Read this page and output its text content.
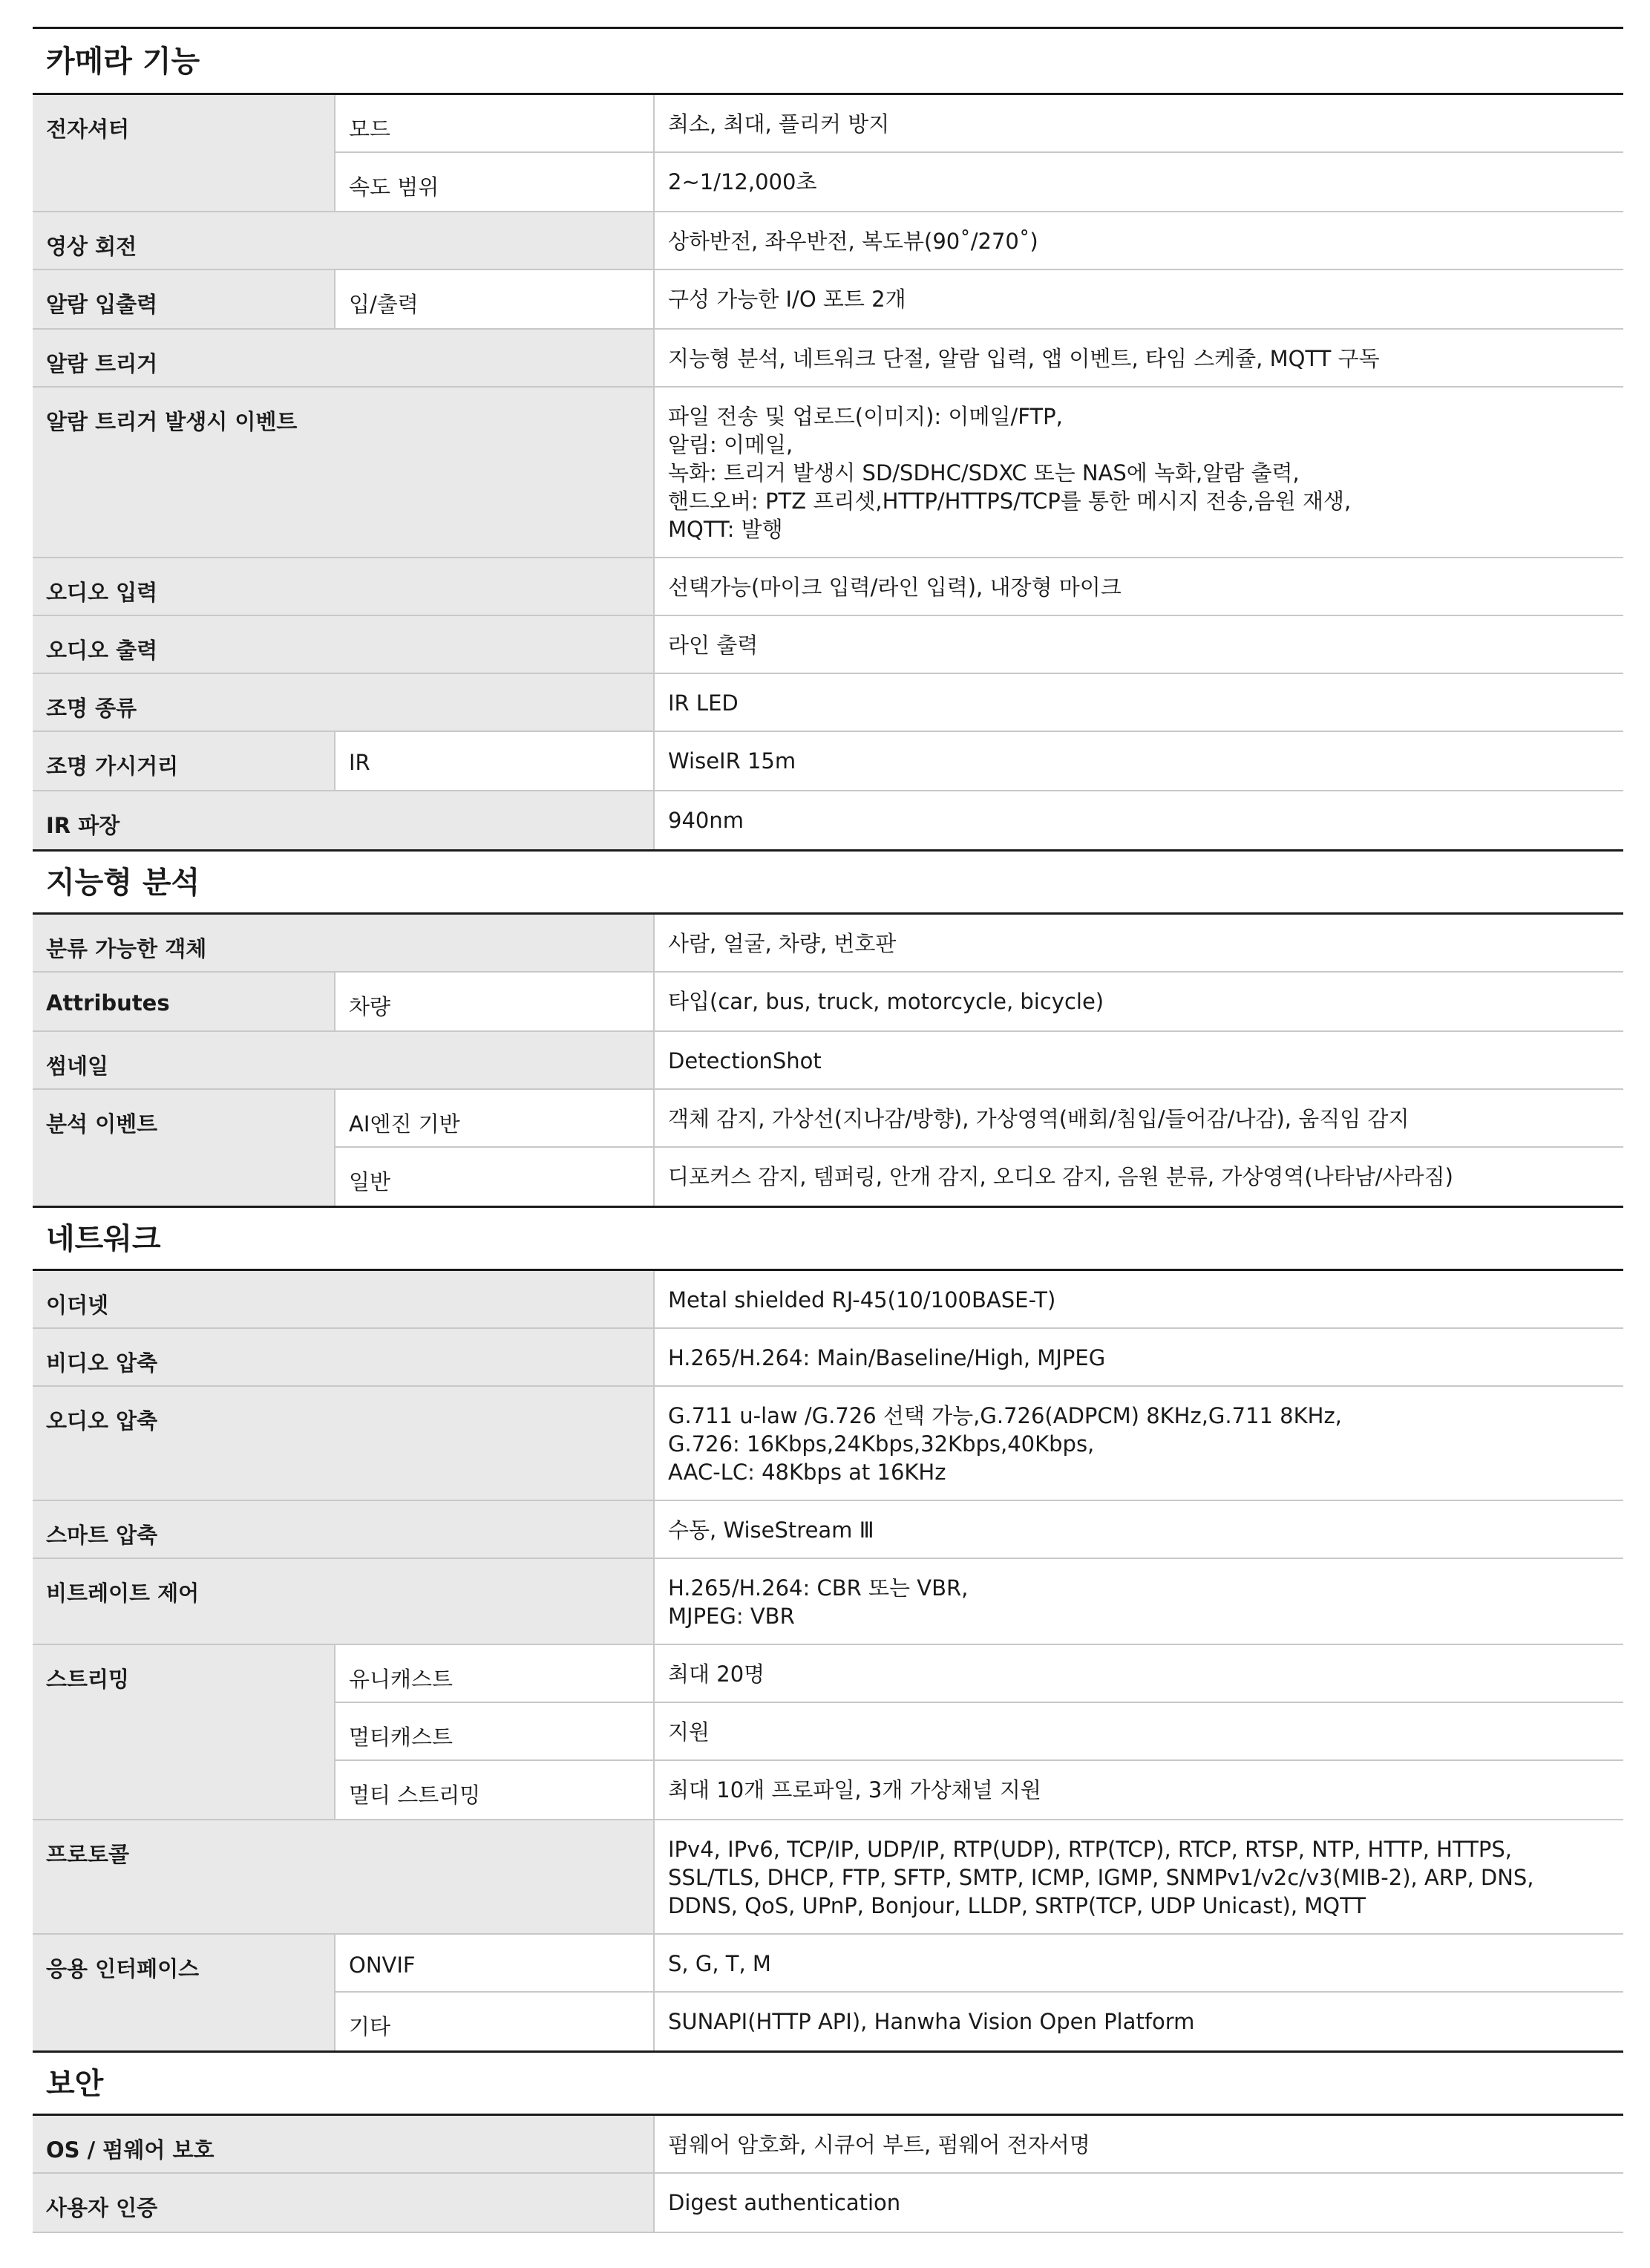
카메라 기능
전자셔터	모드	최소, 최대, 플리커 방지
속도 범위	2~1/12,000초
영상 회전	상하반전, 좌우반전, 복도뷰(90˚/270˚)
알람 입출력	입/출력	구성 가능한 I/O 포트 2개
알람 트리거	지능형 분석, 네트워크 단절, 알람 입력, 앱 이벤트, 타임 스케쥴, MQTT 구독
알람 트리거 발생시 이벤트	파일 전송 및 업로드(이미지): 이메일/FTP,
알림: 이메일,
녹화: 트리거 발생시 SD/SDHC/SDXC 또는 NAS에 녹화,알람 출력,
핸드오버: PTZ 프리셋,HTTP/HTTPS/TCP를 통한 메시지 전송,음원 재생,
MQTT: 발행
오디오 입력	선택가능(마이크 입력/라인 입력), 내장형 마이크
오디오 출력	라인 출력
조명 종류	IR LED
조명 가시거리	IR	WiseIR 15m
IR 파장	940nm
지능형 분석
분류 가능한 객체	사람, 얼굴, 차량, 번호판
Attributes	차량	타입(car, bus, truck, motorcycle, bicycle)
썸네일	DetectionShot
분석 이벤트	AI엔진 기반	객체 감지, 가상선(지나감/방향), 가상영역(배회/침입/들어감/나감), 움직임 감지
일반	디포커스 감지, 템퍼링, 안개 감지, 오디오 감지, 음원 분류, 가상영역(나타남/사라짐)
네트워크
이더넷	Metal shielded RJ-45(10/100BASE-T)
비디오 압축	H.265/H.264: Main/Baseline/High, MJPEG
오디오 압축	G.711 u-law /G.726 선택 가능,G.726(ADPCM) 8KHz,G.711 8KHz,
G.726: 16Kbps,24Kbps,32Kbps,40Kbps,
AAC-LC: 48Kbps at 16KHz
스마트 압축	수동, WiseStream Ⅲ
비트레이트 제어	H.265/H.264: CBR 또는 VBR,
MJPEG: VBR
스트리밍	유니캐스트	최대 20명
멀티캐스트	지원
멀티 스트리밍	최대 10개 프로파일, 3개 가상채널 지원
프로토콜	IPv4, IPv6, TCP/IP, UDP/IP, RTP(UDP), RTP(TCP), RTCP, RTSP, NTP, HTTP, HTTPS,
SSL/TLS, DHCP, FTP, SFTP, SMTP, ICMP, IGMP, SNMPv1/v2c/v3(MIB-2), ARP, DNS,
DDNS, QoS, UPnP, Bonjour, LLDP, SRTP(TCP, UDP Unicast), MQTT
응용 인터페이스	ONVIF	S, G, T, M
기타	SUNAPI(HTTP API), Hanwha Vision Open Platform
보안
OS / 펌웨어 보호	펌웨어 암호화, 시큐어 부트, 펌웨어 전자서명
사용자 인증	Digest authentication
